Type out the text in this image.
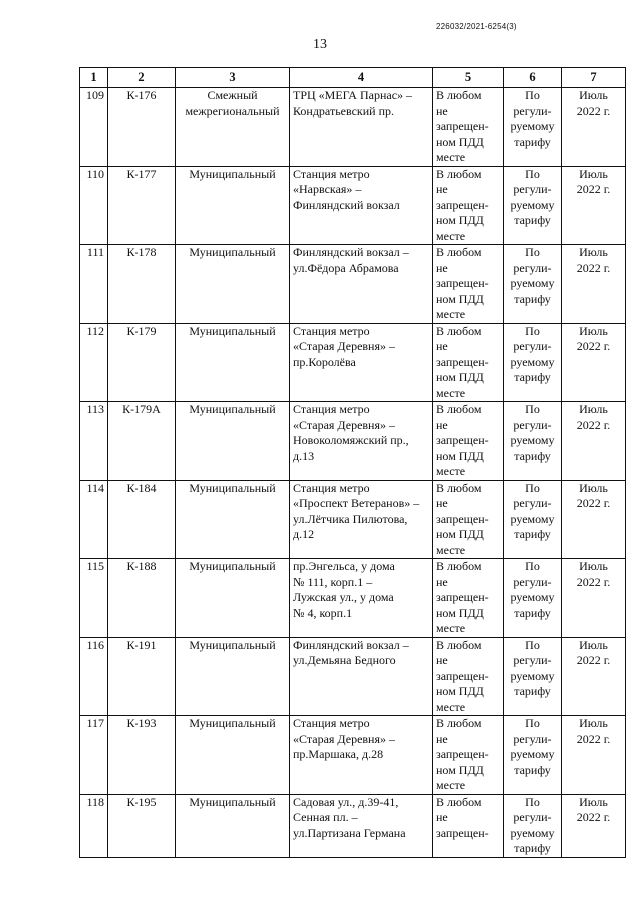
226032/2021-6254(3)
13
1	2	3	4	5	6	7
109	К-176	Смежный
межрегиональный	ТРЦ «МЕГА Парнас» –
Кондратьевский пр.	В любом
не
запрещен-
ном ПДД
месте	По
регули-
руемому
тарифу	Июль
2022 г.
110	К-177	Муниципальный	Станция метро
«Нарвская» –
Финляндский вокзал	В любом
не
запрещен-
ном ПДД
месте	По
регули-
руемому
тарифу	Июль
2022 г.
111	К-178	Муниципальный	Финляндский вокзал –
ул.Фёдора Абрамова	В любом
не
запрещен-
ном ПДД
месте	По
регули-
руемому
тарифу	Июль
2022 г.
112	К-179	Муниципальный	Станция метро
«Старая Деревня» –
пр.Королёва	В любом
не
запрещен-
ном ПДД
месте	По
регули-
руемому
тарифу	Июль
2022 г.
113	К-179А	Муниципальный	Станция метро
«Старая Деревня» –
Новоколомяжский пр.,
д.13	В любом
не
запрещен-
ном ПДД
месте	По
регули-
руемому
тарифу	Июль
2022 г.
114	К-184	Муниципальный	Станция метро
«Проспект Ветеранов» –
ул.Лётчика Пилютова,
д.12	В любом
не
запрещен-
ном ПДД
месте	По
регули-
руемому
тарифу	Июль
2022 г.
115	К-188	Муниципальный	пр.Энгельса, у дома
№ 111, корп.1 –
Лужская ул., у дома
№ 4, корп.1	В любом
не
запрещен-
ном ПДД
месте	По
регули-
руемому
тарифу	Июль
2022 г.
116	К-191	Муниципальный	Финляндский вокзал –
ул.Демьяна Бедного	В любом
не
запрещен-
ном ПДД
месте	По
регули-
руемому
тарифу	Июль
2022 г.
117	К-193	Муниципальный	Станция метро
«Старая Деревня» –
пр.Маршака, д.28	В любом
не
запрещен-
ном ПДД
месте	По
регули-
руемому
тарифу	Июль
2022 г.
118	К-195	Муниципальный	Садовая ул., д.39-41,
Сенная пл. –
ул.Партизана Германа	В любом
не
запрещен-	По
регули-
руемому
тарифу	Июль
2022 г.
